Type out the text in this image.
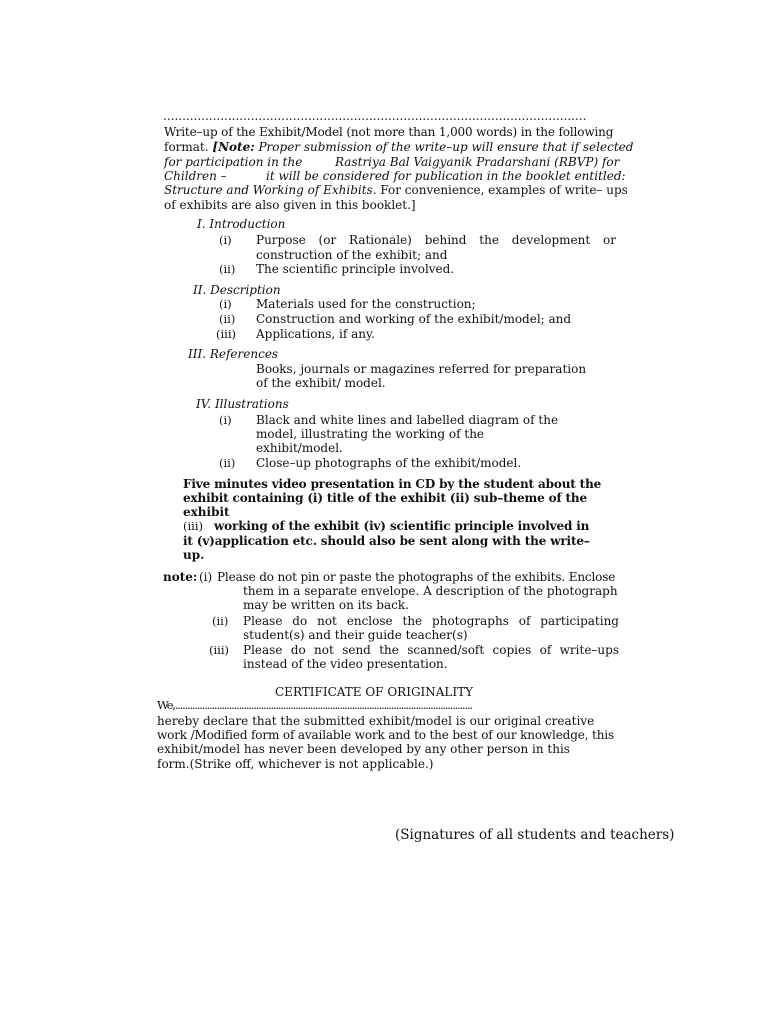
...............................................................................................................
Write–up of the Exhibit/Model (not more than 1,000 words) in the following
format. [Note: Proper submission of the write–up will ensure that if selected
for participation in the	Rastriya Bal Vaigyanik Pradarshani (RBVP) for
Children –	it will be considered for publication in the booklet entitled:
Structure and Working of Exhibits. For convenience, examples of write– ups
of exhibits are also given in this booklet.]
I. Introduction
(i) Purpose (or Rationale) behind the development or
construction of the exhibit; and
(ii) The scientific principle involved.
II. Description
(i) Materials used for the construction;
(ii) Construction and working of the exhibit/model; and
(iii) Applications, if any.
III. References
Books, journals or magazines referred for preparation
of the exhibit/ model.
IV. Illustrations
(i) Black and white lines and labelled diagram of the
model, illustrating the working of the
exhibit/model.
(ii) Close–up photographs of the exhibit/model.
Five minutes video presentation in CD by the student about the
exhibit containing (i) title of the exhibit (ii) sub–theme of the
exhibit
(iii) working of the exhibit (iv) scientific principle involved in
it (v)application etc. should also be sent along with the write–
up.
note: (i) Please do not pin or paste the photographs of the exhibits. Enclose
them in a separate envelope. A description of the photograph
may be written on its back.
(ii) Please do not enclose the photographs of participating
student(s) and their guide teacher(s)
(iii) Please do not send the scanned/soft copies of write–ups
instead of the video presentation.
CERTIFICATE OF ORIGINALITY
We,.........................................................................................................................
hereby declare that the submitted exhibit/model is our original creative
work /Modified form of available work and to the best of our knowledge, this
exhibit/model has never been developed by any other person in this
form.(Strike off, whichever is not applicable.)
(Signatures of all students and teachers)
